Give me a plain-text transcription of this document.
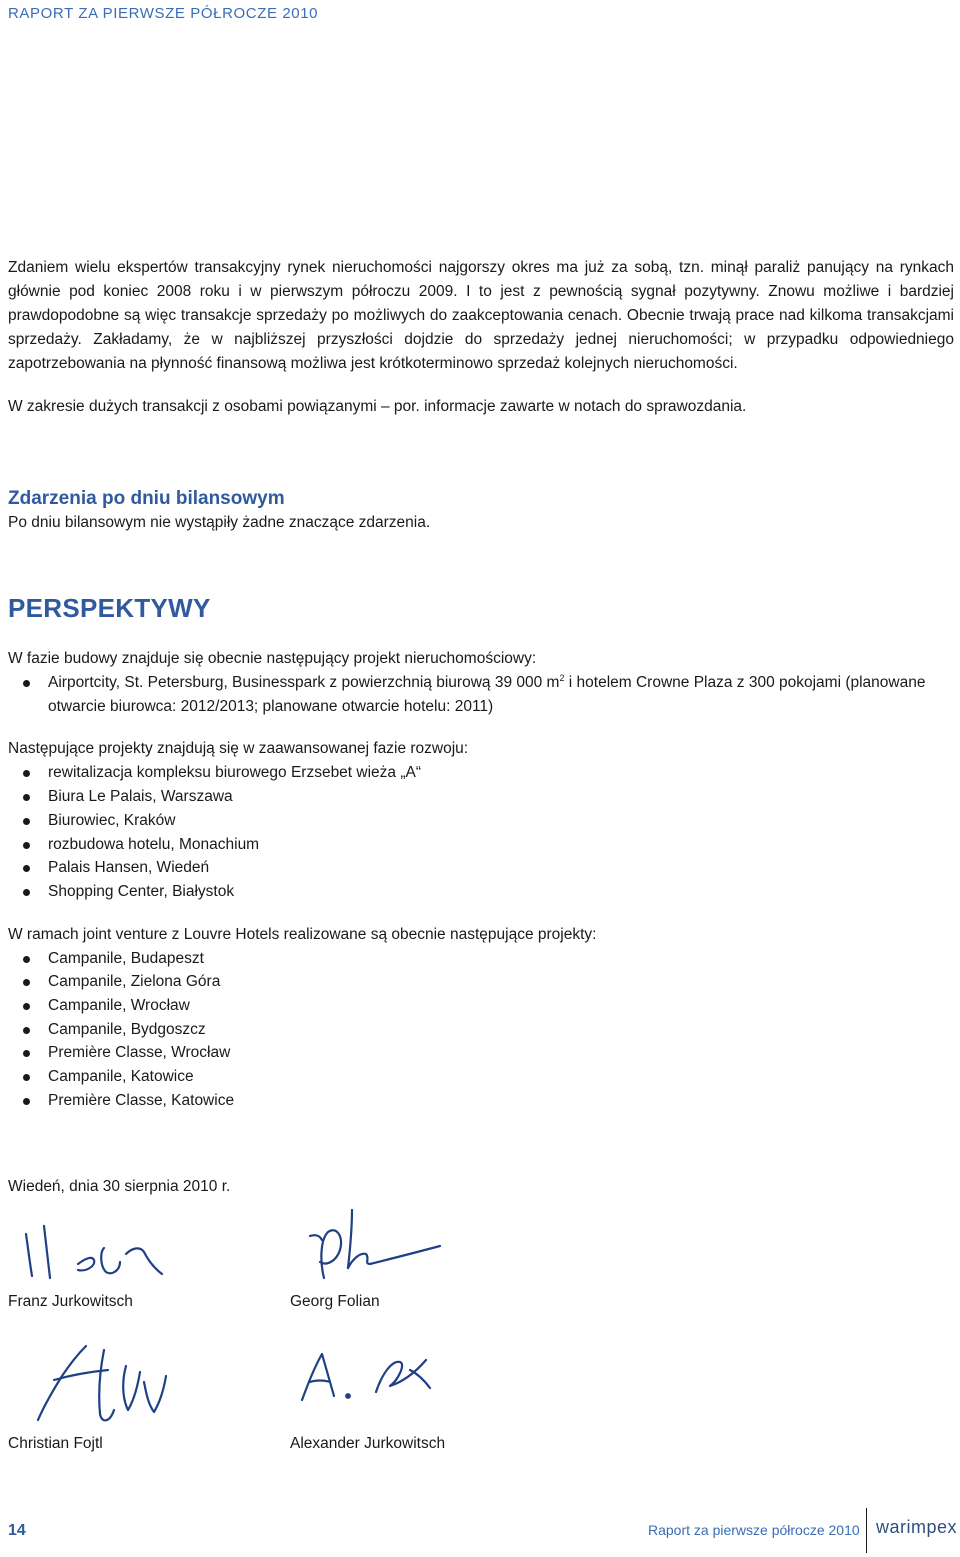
RAPORT ZA PIERWSZE PÓŁROCZE 2010

Zdaniem wielu ekspertów transakcyjny rynek nieruchomości najgorszy okres ma już za sobą, tzn. minął paraliż panujący na rynkach głównie pod koniec 2008 roku i w pierwszym półroczu 2009. I to jest z pewnością sygnał pozytywny. Znowu możliwe i bardziej prawdopodobne są więc transakcje sprzedaży po możliwych do zaakceptowania cenach. Obecnie trwają prace nad kilkoma transakcjami sprzedaży. Zakładamy, że w najbliższej przyszłości dojdzie do sprzedaży jednej nieruchomości; w przypadku odpowiedniego zapotrzebowania na płynność finansową możliwa jest krótkoterminowo sprzedaż kolejnych nieruchomości.

W zakresie dużych transakcji z osobami powiązanymi – por. informacje zawarte w notach do sprawozdania.

Zdarzenia po dniu bilansowym

Po dniu bilansowym nie wystąpiły żadne znaczące zdarzenia.

PERSPEKTYWY

W fazie budowy znajduje się obecnie następujący projekt nieruchomościowy:

Airportcity, St. Petersburg, Businesspark z powierzchnią biurową 39 000 $m^2$ i hotelem Crowne Plaza z 300 pokojami (planowane otwarcie biurowca: 2012/2013; planowane otwarcie hotelu: 2011)

Następujące projekty znajdują się w zaawansowanej fazie rozwoju:

rewitalizacja kompleksu biurowego Erzsebet wieża „A“
Biura Le Palais, Warszawa
Biurowiec, Kraków
rozbudowa hotelu, Monachium
Palais Hansen, Wiedeń
Shopping Center, Białystok

W ramach joint venture z Louvre Hotels realizowane są obecnie następujące projekty:

Campanile, Budapeszt
Campanile, Zielona Góra
Campanile, Wrocław
Campanile, Bydgoszcz
Première Classe, Wrocław
Campanile, Katowice
Première Classe, Katowice

Wiedeń, dnia 30 sierpnia 2010 r.

Franz Jurkowitsch	Georg Folian
Christian Fojtl	Alexander Jurkowitsch
14	Raport za pierwsze półrocze 2010 warimpex
